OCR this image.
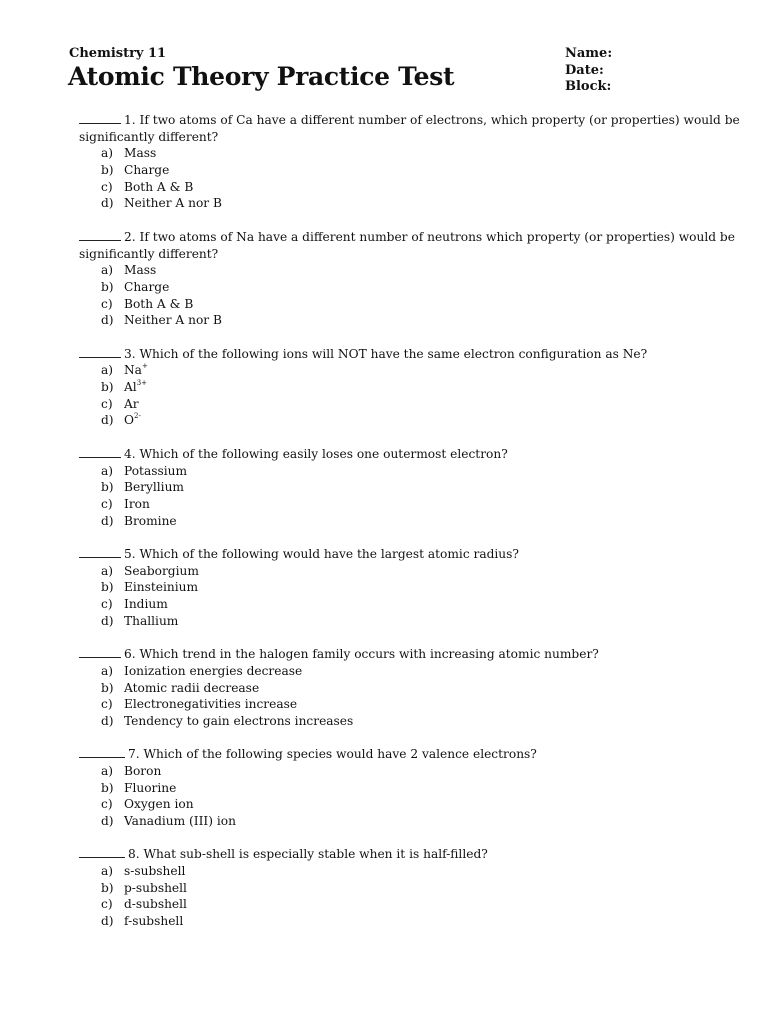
Chemistry 11
Atomic Theory Practice Test
Name:
Date:
Block:
1. If two atoms of Ca have a different number of electrons, which property (or properties) would be
significantly different?
a) Mass
b) Charge
c) Both A & B
d) Neither A nor B
2. If two atoms of Na have a different number of neutrons which property (or properties) would be
significantly different?
a) Mass
b) Charge
c) Both A & B
d) Neither A nor B
3. Which of the following ions will NOT have the same electron configuration as Ne?
a) Na+
b) $Al^{3+}$
c) Ar
d) $O^{2-}$
4. Which of the following easily loses one outermost electron?
a) Potassium
b) Beryllium
c) Iron
d) Bromine
5. Which of the following would have the largest atomic radius?
a) Seaborgium
b) Einsteinium
c) Indium
d) Thallium
6. Which trend in the halogen family occurs with increasing atomic number?
a) Ionization energies decrease
b) Atomic radii decrease
c) Electronegativities increase
d) Tendency to gain electrons increases
7. Which of the following species would have 2 valence electrons?
a) Boron
b) Fluorine
c) Oxygen ion
d) Vanadium (III) ion
8. What sub-shell is especially stable when it is half-filled?
a) s-subshell
b) p-subshell
c) d-subshell
d) f-subshell
